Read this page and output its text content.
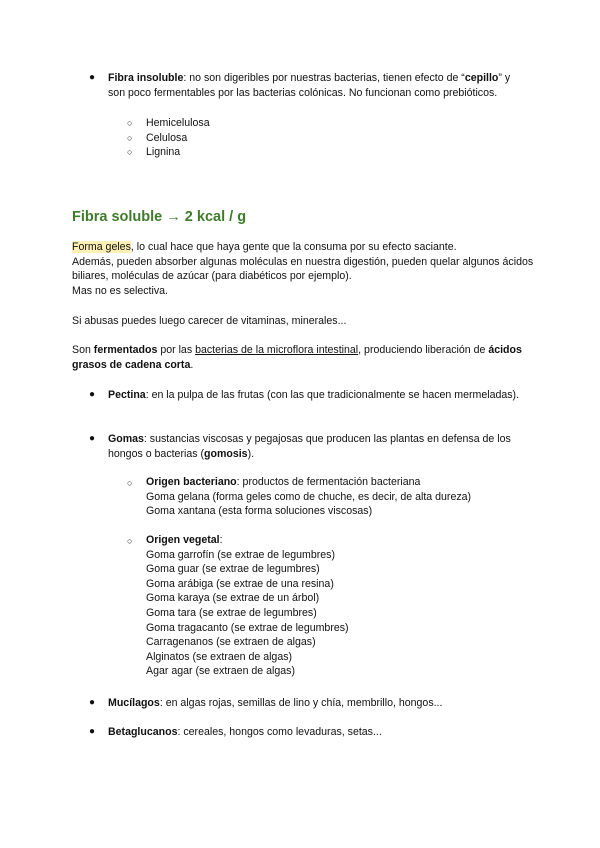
● Fibra insoluble: no son digeribles por nuestras bacterias, tienen efecto de “cepillo” y son poco fermentables por las bacterias colónicas. No funcionan como prebióticos.

○ Hemicelulosa
○ Celulosa
○ Lignina
Fibra soluble → 2 kcal / g

Forma geles, lo cual hace que haya gente que la consuma por su efecto saciante.
Además, pueden absorber algunas moléculas en nuestra digestión, pueden quelar algunos ácidos biliares, moléculas de azúcar (para diabéticos por ejemplo).
Mas no es selectiva.

Si abusas puedes luego carecer de vitaminas, minerales...

Son fermentados por las bacterias de la microflora intestinal, produciendo liberación de ácidos grasos de cadena corta.

● Pectina: en la pulpa de las frutas (con las que tradicionalmente se hacen mermeladas).

● Gomas: sustancias viscosas y pegajosas que producen las plantas en defensa de los hongos o bacterias (gomosis).

○ Origen bacteriano: productos de fermentación bacteriana
Goma gelana (forma geles como de chuche, es decir, de alta dureza)
Goma xantana (esta forma soluciones viscosas)
○ Origen vegetal:
Goma garrofín (se extrae de legumbres)
Goma guar (se extrae de legumbres)
Goma arábiga (se extrae de una resina)
Goma karaya (se extrae de un árbol)
Goma tara (se extrae de legumbres)
Goma tragacanto (se extrae de legumbres)
Carragenanos (se extraen de algas)
Alginatos (se extraen de algas)
Agar agar (se extraen de algas)

● Mucílagos: en algas rojas, semillas de lino y chía, membrillo, hongos...

● Betaglucanos: cereales, hongos como levaduras, setas...
